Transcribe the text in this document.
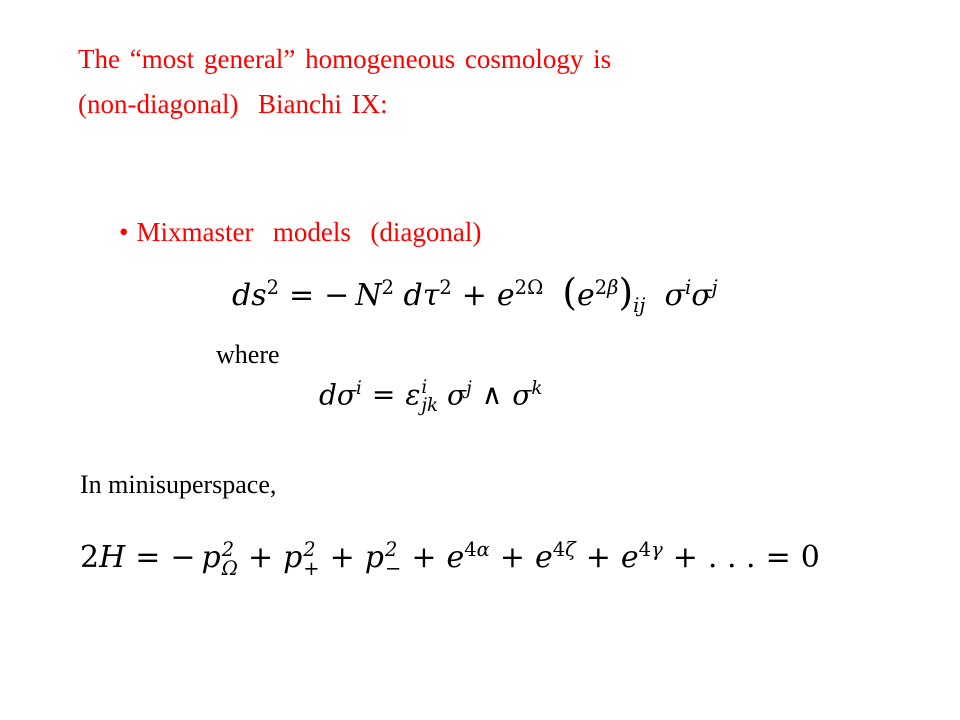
The “most general” homogeneous cosmology is
(non-diagonal)  Bianchi IX:

• Mixmaster  models  (diagonal)

$ds^2$ = − $N^2$ $d\tau^2 + e^{2\Omega}$ $(e^{2\beta})_{ij}$ $\sigma^i\sigma^j$
where
$d\sigma^i = \varepsilon$ i
jk $\sigma^j$ ∧ $\sigma^k$
In minisuperspace,
2H = − p 2
Ω + p 2
+ + p 2
− + $e^{4\alpha} + e^{4\zeta} + e^{4\gamma}$ + . . . = 0
